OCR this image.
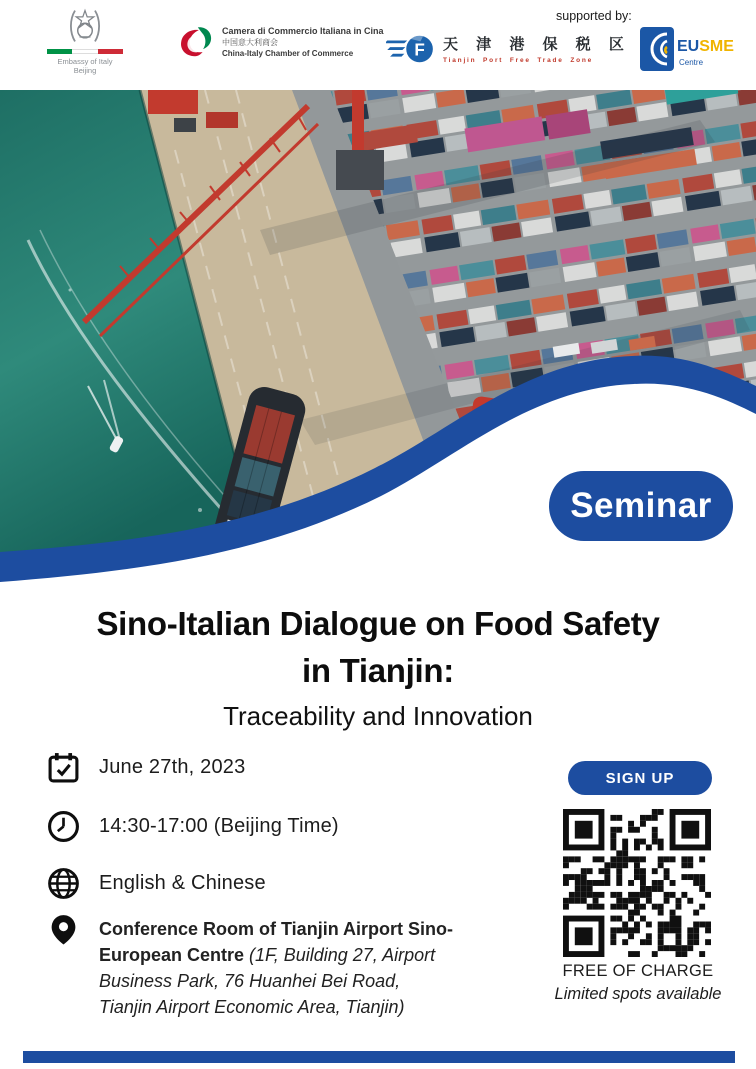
Embassy of Italy
Beijing
Camera di Commercio Italiana in Cina
中国意大利商会
China-Italy Chamber of Commerce	F 天 津 港 保 税 区
Tianjin Port Free Trade Zone
supported by:
EUSME
Centre
Seminar
Sino-Italian Dialogue on Food Safety
in Tianjin:
Traceability and Innovation
June 27th, 2023
14:30-17:00 (Beijing Time)
English & Chinese
Conference Room of Tianjin Airport Sino-
European Centre (1F, Building 27, Airport
Business Park, 76 Huanhei Bei Road,
Tianjin Airport Economic Area, Tianjin)
SIGN UP
FREE OF CHARGE
Limited spots available
